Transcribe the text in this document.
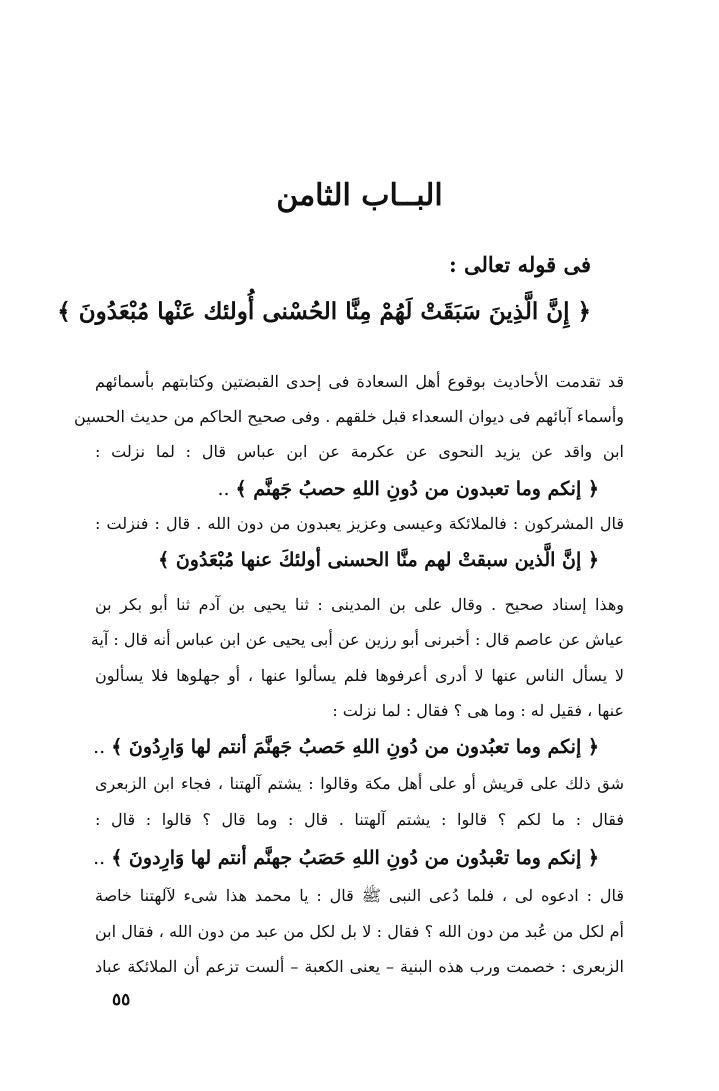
البــاب الثامن
فى قوله تعالى :
﴿ إِنَّ الَّذِينَ سَبَقَتْ لَهُمْ مِنَّا الحُسْنى أُولئك عَنْها مُبْعَدُونَ ﴾
قد تقدمت الأحاديث بوقوع أهل السعادة فى إحدى القبضتين وكتابتهم بأسمائهم
وأسماء آبائهم فى ديوان السعداء قبل خلقهم . وفى صحيح الحاكم من حديث الحسين
ابن واقد عن يزيد النحوى عن عكرمة عن ابن عباس قال : لما نزلت :
﴿ إنكم وما تعبدون من دُونِ اللهِ حصبُ جَهنَّم ﴾..
قال المشركون : فالملائكة وعيسى وعزيز يعبدون من دون الله . قال : فنزلت :
﴿ إنَّ الَّذين سبقتْ لهم منَّا الحسنى أولئكَ عنها مُبْعَدُونَ ﴾
وهذا إسناد صحيح . وقال على بن المدينى : ثنا يحيى بن آدم ثنا أبو بكر بن
عياش عن عاصم قال : أخبرنى أبو رزين عن أبى يحيى عن ابن عباس أنه قال : آية
لا يسأل الناس عنها لا أدرى أعرفوها فلم يسألوا عنها ، أو جهلوها فلا يسألون
عنها ، فقيل له : وما هى ؟ فقال : لما نزلت :
﴿ إنكم وما تعبُدون من دُونِ اللهِ حَصبُ جَهنَّمَ أنتم لها وَارِدُونَ ﴾..
شق ذلك على قريش أو على أهل مكة وقالوا : يشتم آلهتنا ، فجاء ابن الزبعرى
فقال : ما لكم ؟ قالوا : يشتم آلهتنا . قال : وما قال ؟ قالوا : قال :
﴿ إنكم وما تعْبدُون من دُونِ اللهِ حَصَبُ جهنَّم أنتم لها وَارِدونَ ﴾..
قال : ادعوه لى ، فلما دُعى النبى ﷺ قال : يا محمد هذا شىء لآلهتنا خاصة
أم لكل من عُبد من دون الله ؟ فقال : لا بل لكل من عبد من دون الله ، فقال ابن
الزبعرى : خصمت ورب هذه البنية – يعنى الكعبة – ألست تزعم أن الملائكة عباد
٥٥
